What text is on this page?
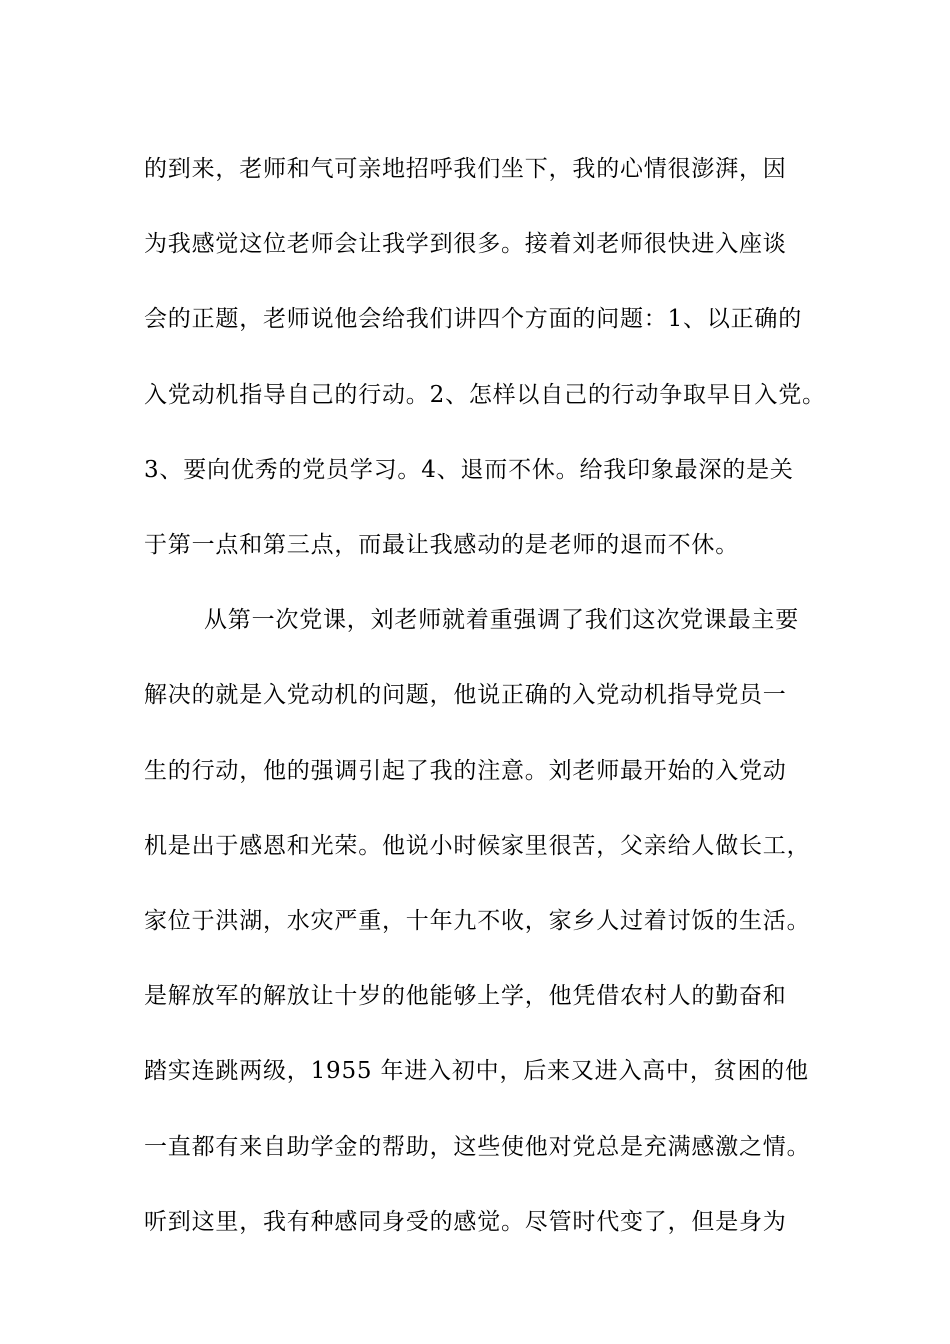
的到来，老师和气可亲地招呼我们坐下，我的心情很澎湃，因
为我感觉这位老师会让我学到很多。接着刘老师很快进入座谈
会的正题，老师说他会给我们讲四个方面的问题：1、以正确的
入党动机指导自己的行动。2、怎样以自己的行动争取早日入党。
3、要向优秀的党员学习。4、退而不休。给我印象最深的是关
于第一点和第三点，而最让我感动的是老师的退而不休。
从第一次党课，刘老师就着重强调了我们这次党课最主要
解决的就是入党动机的问题，他说正确的入党动机指导党员一
生的行动，他的强调引起了我的注意。刘老师最开始的入党动
机是出于感恩和光荣。他说小时候家里很苦，父亲给人做长工，
家位于洪湖，水灾严重，十年九不收，家乡人过着讨饭的生活。
是解放军的解放让十岁的他能够上学，他凭借农村人的勤奋和
踏实连跳两级，1955 年进入初中，后来又进入高中，贫困的他
一直都有来自助学金的帮助，这些使他对党总是充满感激之情。
听到这里，我有种感同身受的感觉。尽管时代变了，但是身为
